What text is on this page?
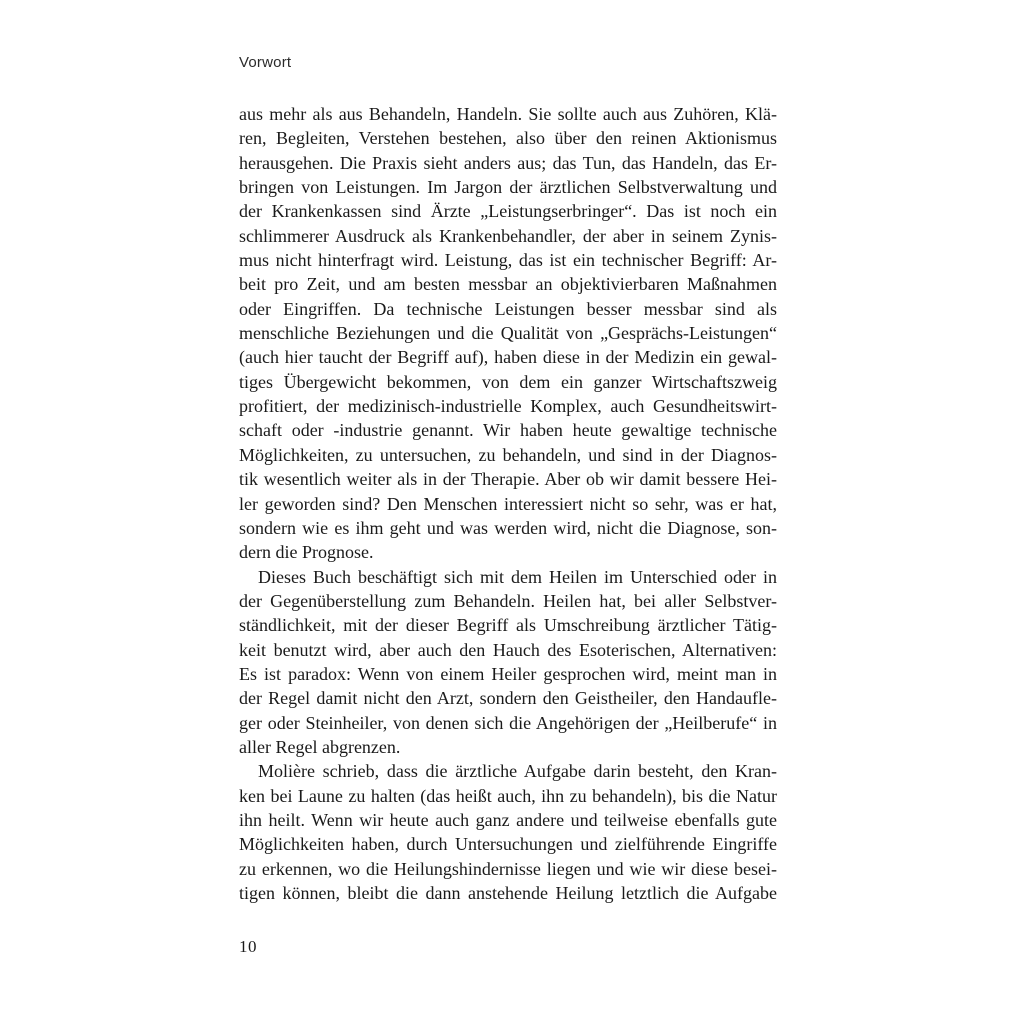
Vorwort
aus mehr als aus Behandeln, Handeln. Sie sollte auch aus Zuhören, Klä-
ren, Begleiten, Verstehen bestehen, also über den reinen Aktionismus
herausgehen. Die Praxis sieht anders aus; das Tun, das Handeln, das Er-
bringen von Leistungen. Im Jargon der ärztlichen Selbstverwaltung und
der Krankenkassen sind Ärzte „Leistungserbringer“. Das ist noch ein
schlimmerer Ausdruck als Krankenbehandler, der aber in seinem Zynis-
mus nicht hinterfragt wird. Leistung, das ist ein technischer Begriff: Ar-
beit pro Zeit, und am besten messbar an objektivierbaren Maßnahmen
oder Eingriffen. Da technische Leistungen besser messbar sind als
menschliche Beziehungen und die Qualität von „Gesprächs-Leistungen“
(auch hier taucht der Begriff auf), haben diese in der Medizin ein gewal-
tiges Übergewicht bekommen, von dem ein ganzer Wirtschaftszweig
profitiert, der medizinisch-industrielle Komplex, auch Gesundheitswirt-
schaft oder -industrie genannt. Wir haben heute gewaltige technische
Möglichkeiten, zu untersuchen, zu behandeln, und sind in der Diagnos-
tik wesentlich weiter als in der Therapie. Aber ob wir damit bessere Hei-
ler geworden sind? Den Menschen interessiert nicht so sehr, was er hat,
sondern wie es ihm geht und was werden wird, nicht die Diagnose, son-
dern die Prognose.
Dieses Buch beschäftigt sich mit dem Heilen im Unterschied oder in
der Gegenüberstellung zum Behandeln. Heilen hat, bei aller Selbstver-
ständlichkeit, mit der dieser Begriff als Umschreibung ärztlicher Tätig-
keit benutzt wird, aber auch den Hauch des Esoterischen, Alternativen:
Es ist paradox: Wenn von einem Heiler gesprochen wird, meint man in
der Regel damit nicht den Arzt, sondern den Geistheiler, den Handaufle-
ger oder Steinheiler, von denen sich die Angehörigen der „Heilberufe“ in
aller Regel abgrenzen.
Molière schrieb, dass die ärztliche Aufgabe darin besteht, den Kran-
ken bei Laune zu halten (das heißt auch, ihn zu behandeln), bis die Natur
ihn heilt. Wenn wir heute auch ganz andere und teilweise ebenfalls gute
Möglichkeiten haben, durch Untersuchungen und zielführende Eingriffe
zu erkennen, wo die Heilungshindernisse liegen und wie wir diese besei-
tigen können, bleibt die dann anstehende Heilung letztlich die Aufgabe
10
